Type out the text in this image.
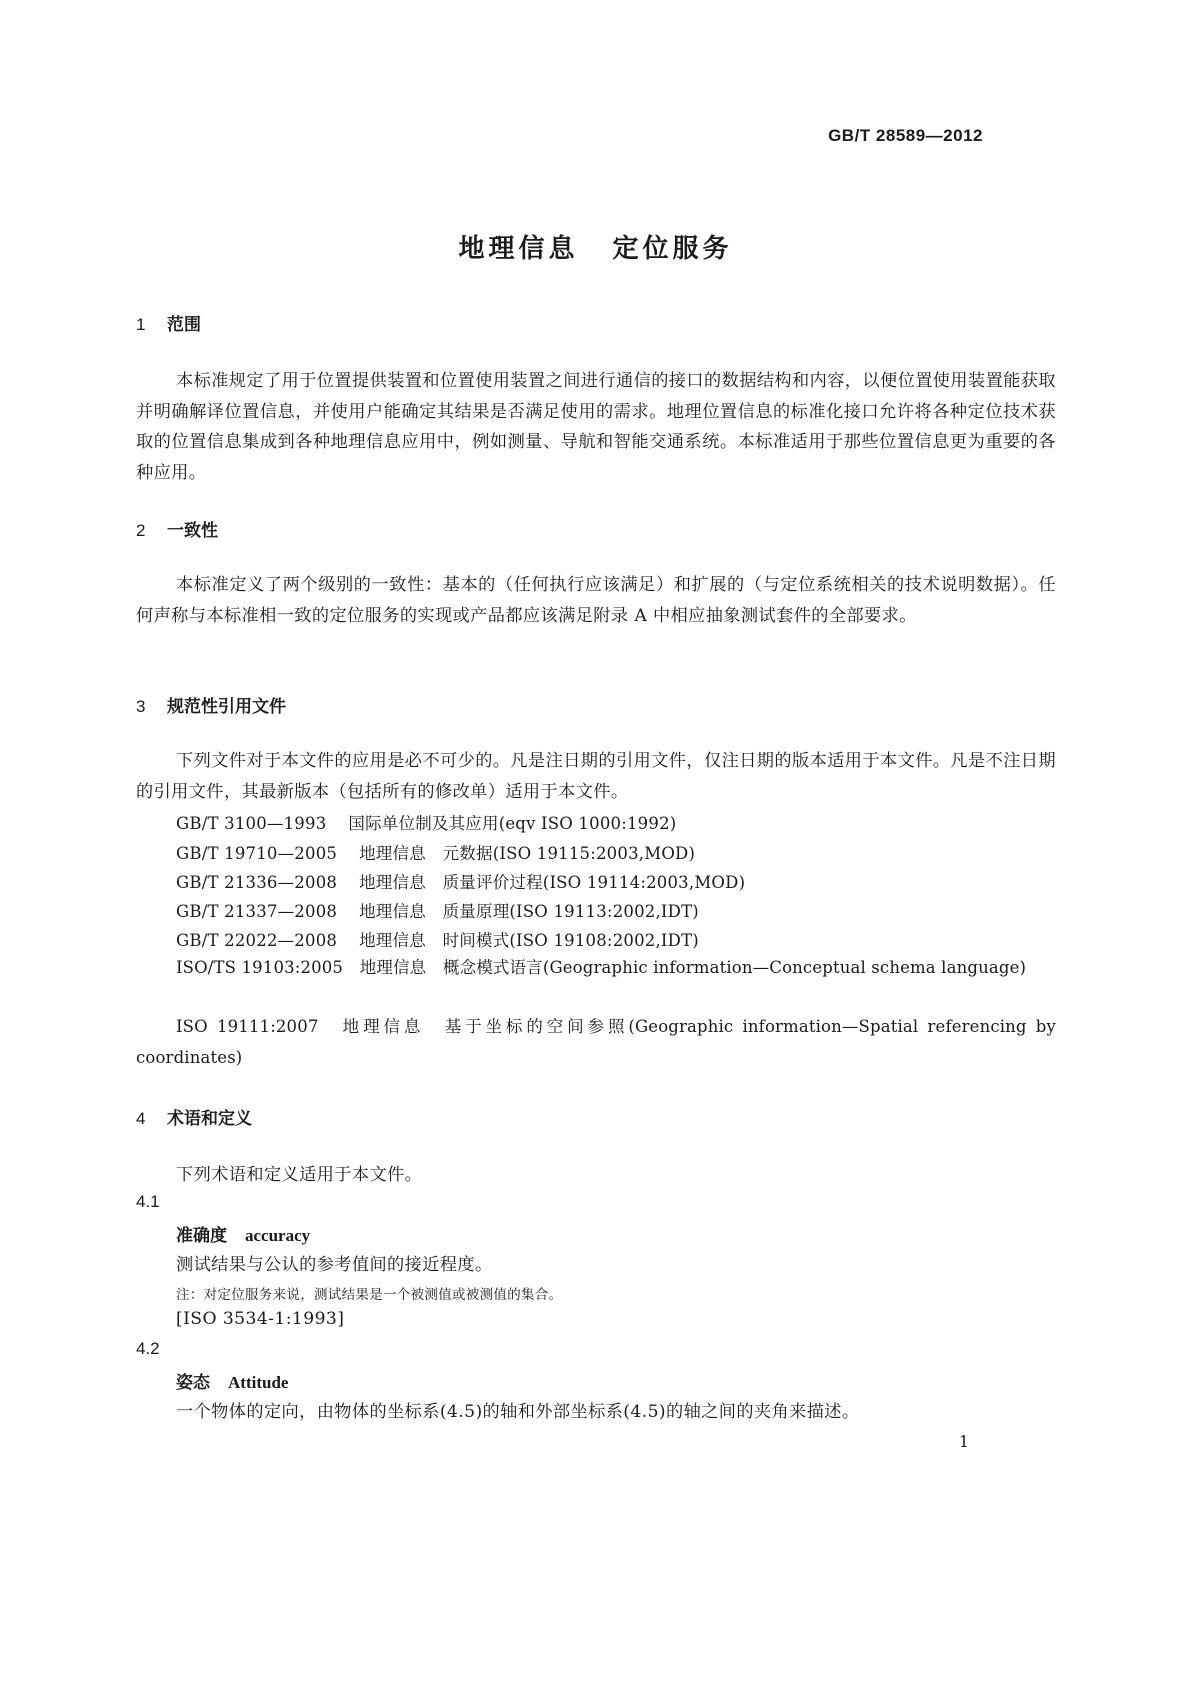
GB/T 28589—2012
地理信息 定位服务
1 范围
本标准规定了用于位置提供装置和位置使用装置之间进行通信的接口的数据结构和内容，以便位置使用装置能获取并明确解译位置信息，并使用户能确定其结果是否满足使用的需求。地理位置信息的标准化接口允许将各种定位技术获取的位置信息集成到各种地理信息应用中，例如测量、导航和智能交通系统。本标准适用于那些位置信息更为重要的各种应用。
2 一致性
本标准定义了两个级别的一致性：基本的（任何执行应该满足）和扩展的（与定位系统相关的技术说明数据）。任何声称与本标准相一致的定位服务的实现或产品都应该满足附录 A 中相应抽象测试套件的全部要求。
3 规范性引用文件
下列文件对于本文件的应用是必不可少的。凡是注日期的引用文件，仅注日期的版本适用于本文件。凡是不注日期的引用文件，其最新版本（包括所有的修改单）适用于本文件。
GB/T 3100—1993 国际单位制及其应用(eqv ISO 1000:1992)
GB/T 19710—2005 地理信息　元数据(ISO 19115:2003,MOD)
GB/T 21336—2008 地理信息　质量评价过程(ISO 19114:2003,MOD)
GB/T 21337—2008 地理信息　质量原理(ISO 19113:2002,IDT)
GB/T 22022—2008 地理信息　时间模式(ISO 19108:2002,IDT)
ISO/TS 19103:2005　地理信息　概念模式语言(Geographic information—Conceptual schema language)
ISO 19111:2007　地理信息　基于坐标的空间参照(Geographic information—Spatial referencing by coordinates)
4 术语和定义
下列术语和定义适用于本文件。
4.1
准确度 accuracy
测试结果与公认的参考值间的接近程度。
注：对定位服务来说，测试结果是一个被测值或被测值的集合。
[ISO 3534-1:1993]
4.2
姿态 Attitude
一个物体的定向，由物体的坐标系(4.5)的轴和外部坐标系(4.5)的轴之间的夹角来描述。
1
